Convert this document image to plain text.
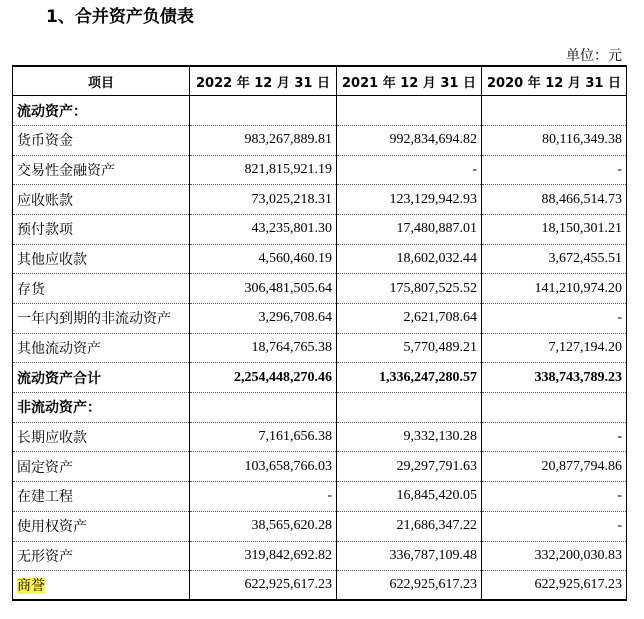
1、合并资产负债表
单位：元
项目	2022 年 12 月 31 日	2021 年 12 月 31 日	2020 年 12 月 31 日
流动资产：			
货币资金	983,267,889.81	992,834,694.82	80,116,349.38
交易性金融资产	821,815,921.19	-	-
应收账款	73,025,218.31	123,129,942.93	88,466,514.73
预付款项	43,235,801.30	17,480,887.01	18,150,301.21
其他应收款	4,560,460.19	18,602,032.44	3,672,455.51
存货	306,481,505.64	175,807,525.52	141,210,974.20
一年内到期的非流动资产	3,296,708.64	2,621,708.64	-
其他流动资产	18,764,765.38	5,770,489.21	7,127,194.20
流动资产合计	2,254,448,270.46	1,336,247,280.57	338,743,789.23
非流动资产：			
长期应收款	7,161,656.38	9,332,130.28	-
固定资产	103,658,766.03	29,297,791.63	20,877,794.86
在建工程	-	16,845,420.05	-
使用权资产	38,565,620.28	21,686,347.22	-
无形资产	319,842,692.82	336,787,109.48	332,200,030.83
商誉	622,925,617.23	622,925,617.23	622,925,617.23
